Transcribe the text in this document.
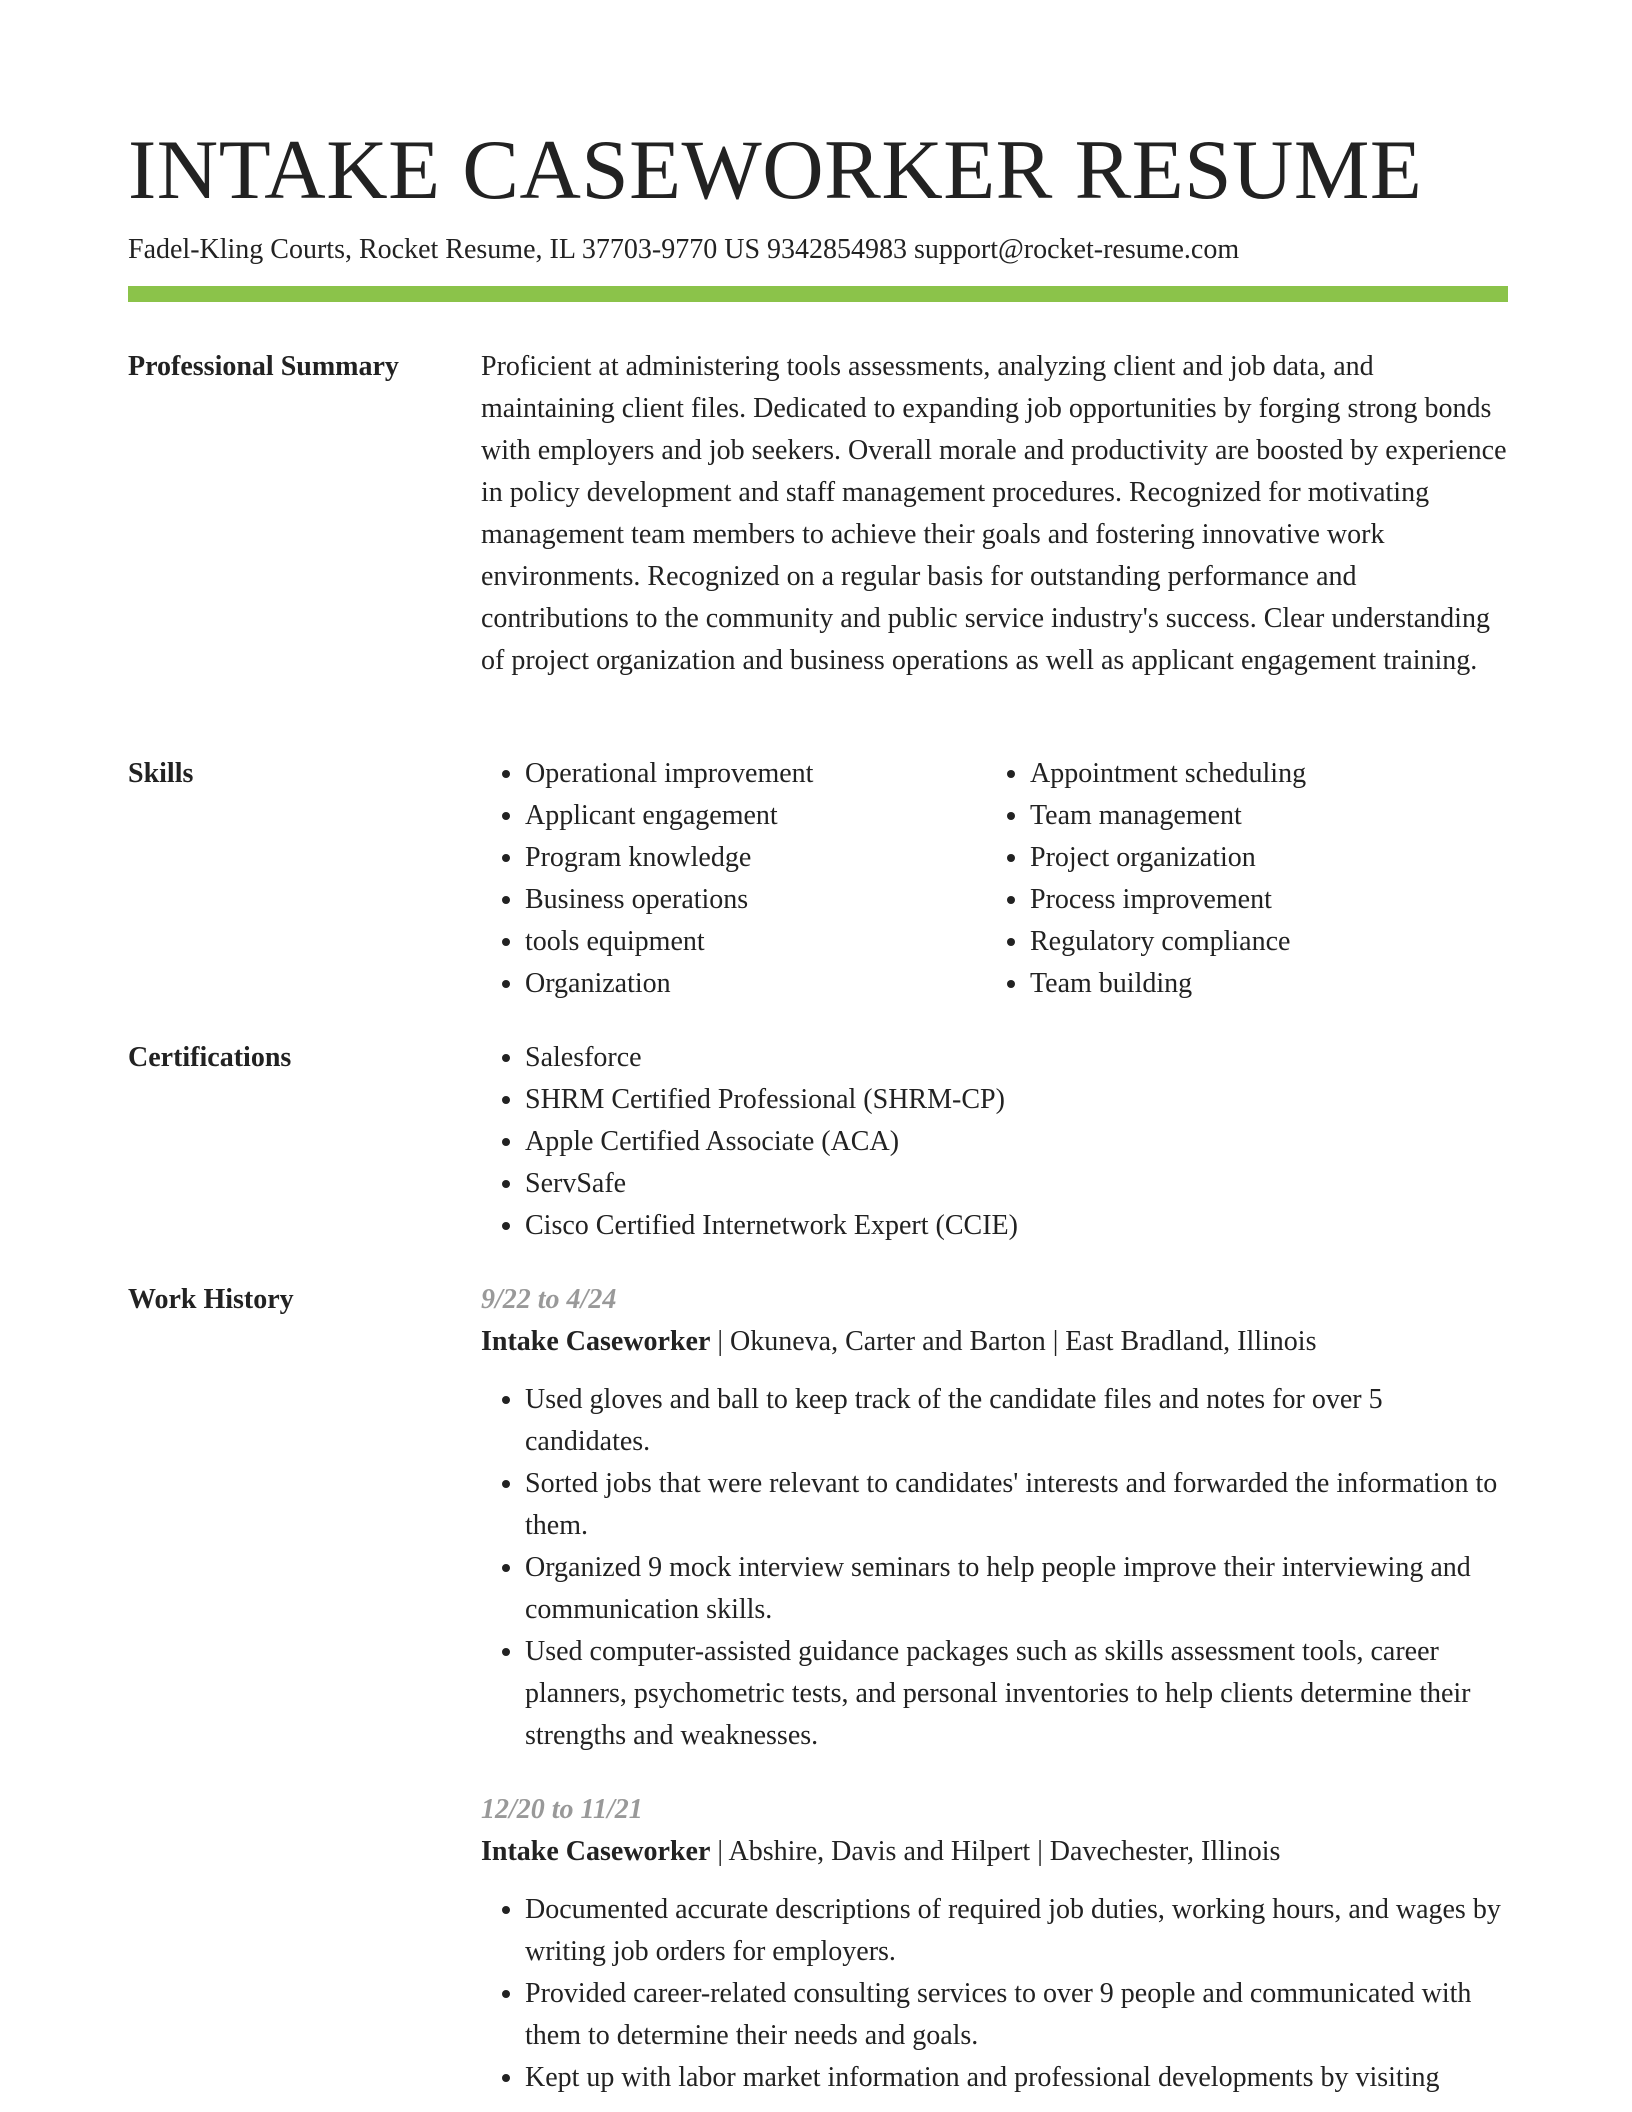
INTAKE CASEWORKER RESUME
Fadel-Kling Courts, Rocket Resume, IL 37703-9770 US 9342854983 support@rocket-resume.com
Professional Summary	Proficient at administering tools assessments, analyzing client and job data, and maintaining client files. Dedicated to expanding job opportunities by forging strong bonds with employers and job seekers. Overall morale and productivity are boosted by experience in policy development and staff management procedures. Recognized for motivating management team members to achieve their goals and fostering innovative work environments. Recognized on a regular basis for outstanding performance and contributions to the community and public service industry's success. Clear understanding of project organization and business operations as well as applicant engagement training.

Skills	• Operational improvement
• Applicant engagement
• Program knowledge
• Business operations
• tools equipment
• Organization
• Appointment scheduling
• Team management
• Project organization
• Process improvement
• Regulatory compliance
• Team building
Certifications	• Salesforce
• SHRM Certified Professional (SHRM-CP)
• Apple Certified Associate (ACA)
• ServSafe
• Cisco Certified Internetwork Expert (CCIE)
Work History	9/22 to 4/24
Intake Caseworker | Okuneva, Carter and Barton | East Bradland, Illinois
• Used gloves and ball to keep track of the candidate files and notes for over 5 candidates.
• Sorted jobs that were relevant to candidates' interests and forwarded the information to them.
• Organized 9 mock interview seminars to help people improve their interviewing and communication skills.
• Used computer-assisted guidance packages such as skills assessment tools, career planners, psychometric tests, and personal inventories to help clients determine their strengths and weaknesses.
12/20 to 11/21
Intake Caseworker | Abshire, Davis and Hilpert | Davechester, Illinois
• Documented accurate descriptions of required job duties, working hours, and wages by writing job orders for employers.
• Provided career-related consulting services to over 9 people and communicated with them to determine their needs and goals.
• Kept up with labor market information and professional developments by visiting
